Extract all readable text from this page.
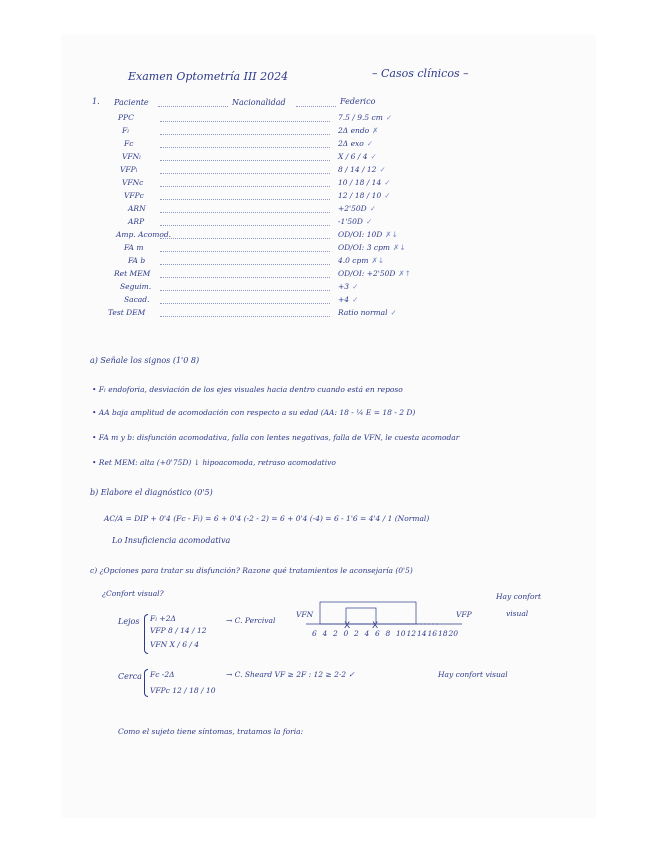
Examen Optometría III 2024	– Casos clínicos –
1. Paciente	Nacionalidad	Federico
PPC	7.5 / 9.5 cm ✓
Fₗ	2Δ endo ✗
Fc	2Δ exo ✓
VFNₗ	X / 6 / 4 ✓
VFPₗ	8 / 14 / 12 ✓
VFNc	10 / 18 / 14 ✓
VFPc	12 / 18 / 10 ✓
ARN	+2'50D ✓
ARP	-1'50D ✓
Amp. Acomod.	OD/OI: 10D ✗↓
FA m	OD/OI: 3 cpm ✗↓
FA b	4.0 cpm ✗↓
Ret MEM	OD/OI: +2'50D ✗↑
Seguim.	+3 ✓
Sacad.	+4 ✓
Test DEM	Ratio normal ✓
a) Señale los signos (1'0 8)
• Fₗ endoforia, desviación de los ejes visuales hacia dentro cuando está en reposo
• AA baja amplitud de acomodación con respecto a su edad (AA: 18 - ¼ E = 18 - 2 D)
• FA m y b: disfunción acomodativa, falla con lentes negativas, falla de VFN, le cuesta acomodar
• Ret MEM: alta (+0'75D) ↓ hipoacomoda, retraso acomodativo
b) Elabore el diagnóstico (0'5)
AC/A = DIP + 0'4 (Fc - Fₗ) = 6 + 0'4 (-2 - 2) = 6 + 0'4 (-4) = 6 - 1'6 = 4'4 / 1 (Normal)
Lo Insuficiencia acomodativa
c) ¿Opciones para tratar su disfunción? Razone qué tratamientos le aconsejaría (0'5)
¿Confort visual?	Hay confort
visual
Lejos Fₗ +2Δ
VFP 8 / 14 / 12
VFN X / 6 / 4
→ C. Percival
VFN	VFP
X X
6 4 2 0 2 4 6 8 10 12 14 16 18 20
Cerca Fc -2Δ
VFPc 12 / 18 / 10
→ C. Sheard VF ≥ 2F : 12 ≥ 2·2 ✓	Hay confort visual
Como el sujeto tiene síntomas, tratamos la foria:
